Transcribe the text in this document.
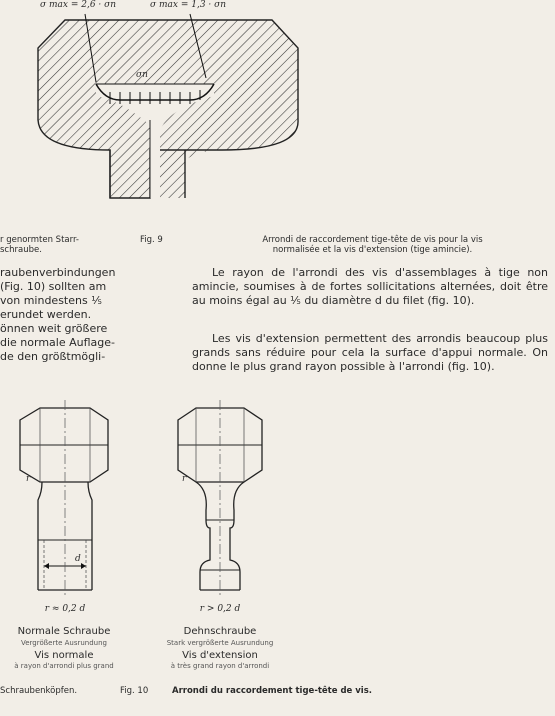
σ max = 2,6 · σn	σ max = 1,3 · σn
σn
r genormten Starr-
schraube.
Fig. 9	Arrondi de raccordement tige-tête de vis pour la vis
normalisée et la vis d'extension (tige amincie).
raubenverbindungen
(Fig. 10) sollten am
von mindestens ⅕
erundet werden.
önnen weit größere
die normale Auflage-
de den größtmögli-
Le rayon de l'arrondi des vis d'assemblages à tige non amincie, soumises à de fortes sollicitations alternées, doit être au moins égal au ⅕ du diamètre d du filet (fig. 10).
Les vis d'extension permettent des arrondis beaucoup plus grands sans réduire pour cela la surface d'appui normale. On donne le plus grand rayon possible à l'arrondi (fig. 10).
r
d
r ≈ 0,2 d
Normale Schraube
Vergrößerte Ausrundung
Vis normale
à rayon d'arrondi plus grand
r
r > 0,2 d
Dehnschraube
Stark vergrößerte Ausrundung
Vis d'extension
à très grand rayon d'arrondi
Schraubenköpfen.	Fig. 10	Arrondi du raccordement tige-tête de vis.
